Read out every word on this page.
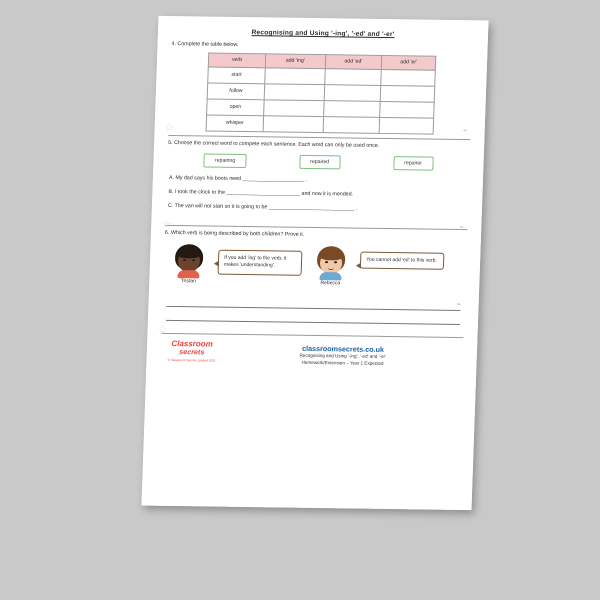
Recognising and Using '-ing', '-ed' and '-er'
4. Complete the table below.
verb	add 'ing'	add 'ed'	add 'er'
start			
follow			
open			
whisper			
☆	4a
5. Choose the correct word to compete each sentence. Each word can only be used once.
repairing	repaired	repairer
A. My dad says his boots need _____________________ .
B. I took the clock to the _________________________ and now it is mended.
C. The van will not start so it is going to be _____________________________ .
☆	5a
6. Which verb is being described by both children? Prove it.
Tristan
If you add 'ing' to the verb, it makes 'understanding'.
Rebecca
You cannot add 'ed' to this verb.
☆
6a
Classroom
secrets
© Classroom Secrets Limited 2021
classroomsecrets.co.uk
Recognising and Using '-ing', '-ed' and '-er'
Homework/Extension – Year 1 Expected
